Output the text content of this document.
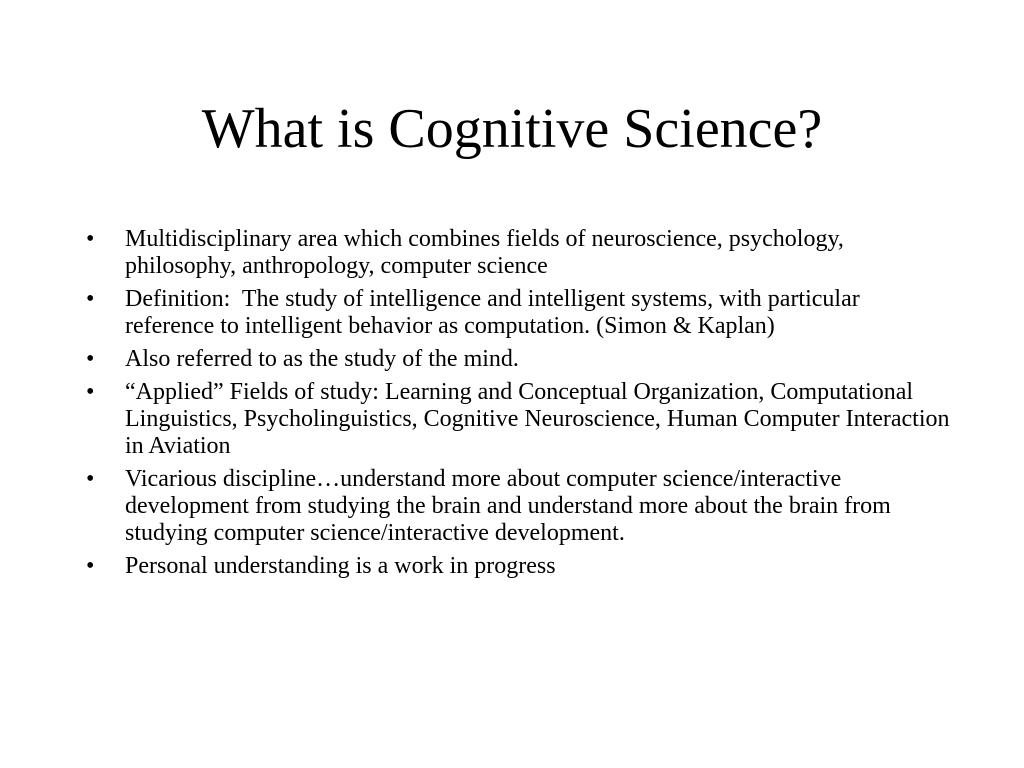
What is Cognitive Science?
• Multidisciplinary area which combines fields of neuroscience, psychology, philosophy, anthropology, computer science
• Definition:  The study of intelligence and intelligent systems, with particular reference to intelligent behavior as computation. (Simon & Kaplan)
• Also referred to as the study of the mind.
• “Applied” Fields of study: Learning and Conceptual Organization, Computational Linguistics, Psycholinguistics, Cognitive Neuroscience, Human Computer Interaction in Aviation
• Vicarious discipline…understand more about computer science/interactive development from studying the brain and understand more about the brain from studying computer science/interactive development.
• Personal understanding is a work in progress
